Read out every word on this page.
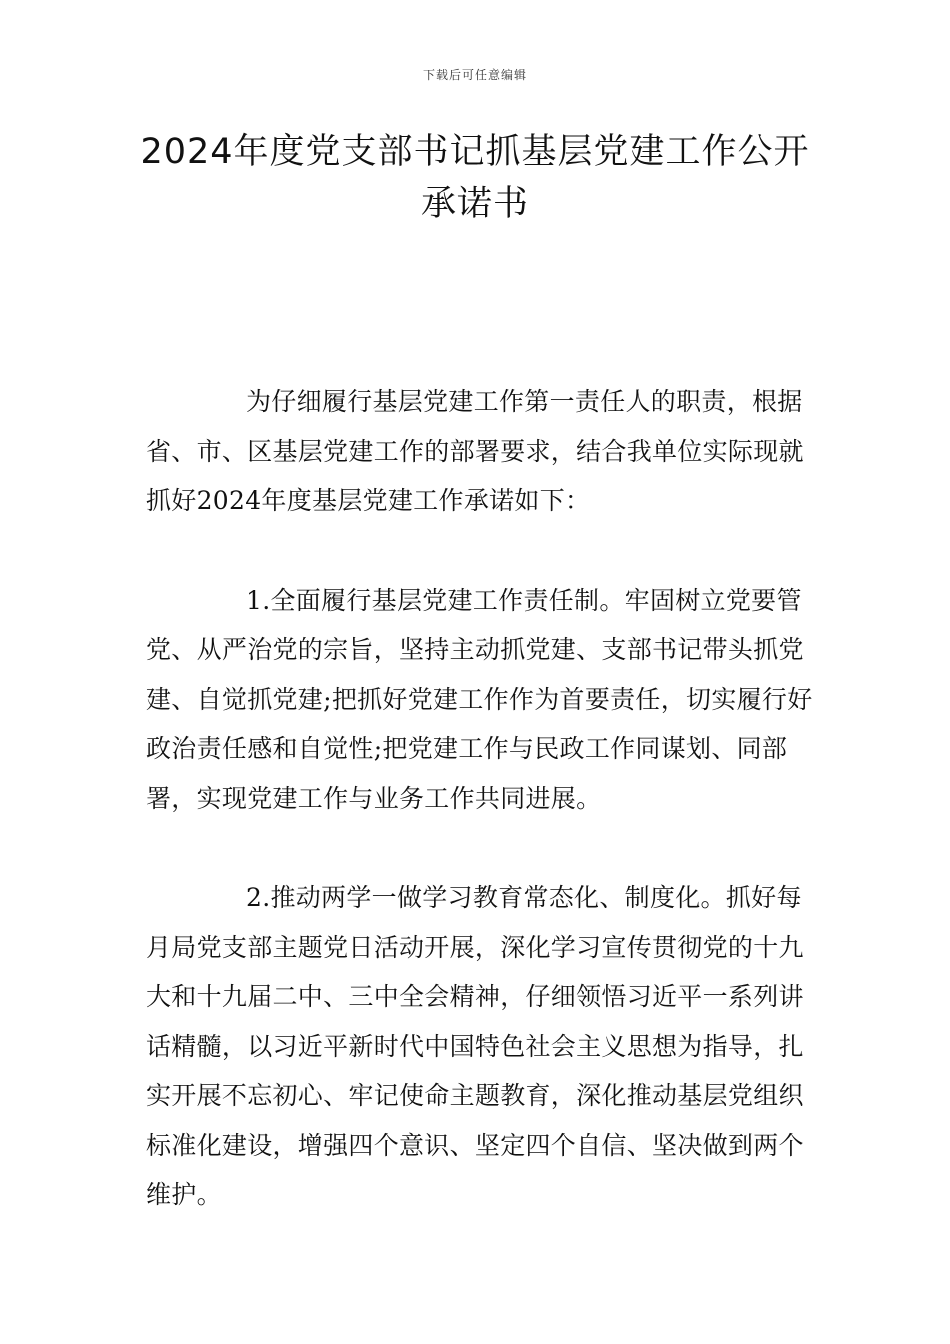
下载后可任意编辑
2024年度党支部书记抓基层党建工作公开
承诺书

为仔细履行基层党建工作第一责任人的职责，根据省、市、区基层党建工作的部署要求，结合我单位实际现就抓好2024年度基层党建工作承诺如下：

1.全面履行基层党建工作责任制。牢固树立党要管党、从严治党的宗旨，坚持主动抓党建、支部书记带头抓党建、自觉抓党建;把抓好党建工作作为首要责任，切实履行好政治责任感和自觉性;把党建工作与民政工作同谋划、同部署，实现党建工作与业务工作共同进展。

2.推动两学一做学习教育常态化、制度化。抓好每月局党支部主题党日活动开展，深化学习宣传贯彻党的十九大和十九届二中、三中全会精神，仔细领悟习近平一系列讲话精髓，以习近平新时代中国特色社会主义思想为指导，扎实开展不忘初心、牢记使命主题教育，深化推动基层党组织标准化建设，增强四个意识、坚定四个自信、坚决做到两个维护。
